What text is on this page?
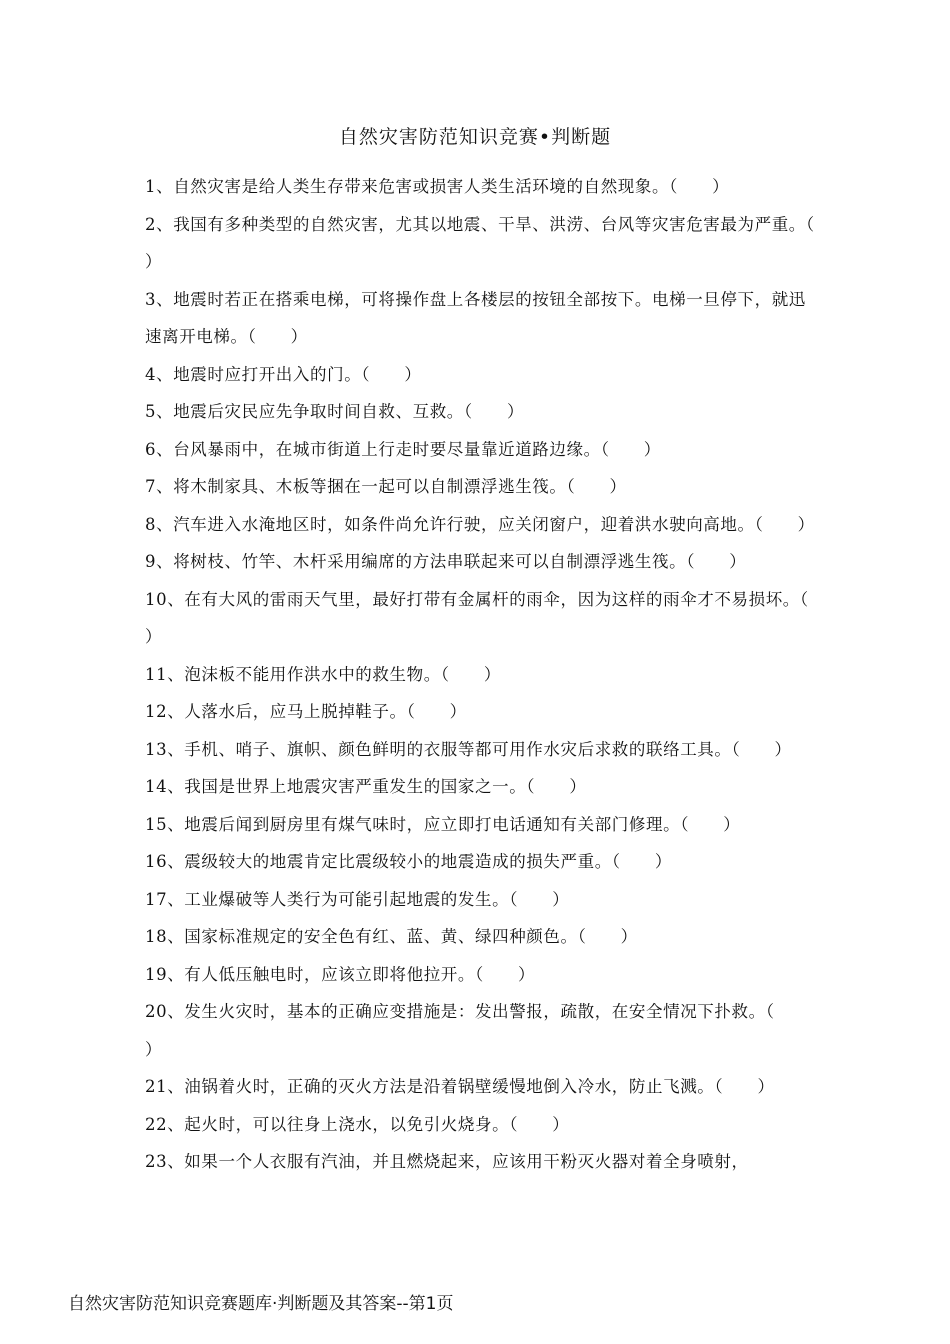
自然灾害防范知识竞赛•判断题
1、自然灾害是给人类生存带来危害或损害人类生活环境的自然现象。（　　）
2、我国有多种类型的自然灾害，尤其以地震、干旱、洪涝、台风等灾害危害最为严重。（　　）
3、地震时若正在搭乘电梯，可将操作盘上各楼层的按钮全部按下。电梯一旦停下，就迅速离开电梯。（　　）
4、地震时应打开出入的门。（　　）
5、地震后灾民应先争取时间自救、互救。（　　）
6、台风暴雨中，在城市街道上行走时要尽量靠近道路边缘。（　　）
7、将木制家具、木板等捆在一起可以自制漂浮逃生筏。（　　）
8、汽车进入水淹地区时，如条件尚允许行驶，应关闭窗户，迎着洪水驶向高地。（　　）
9、将树枝、竹竿、木杆采用编席的方法串联起来可以自制漂浮逃生筏。（　　）
10、在有大风的雷雨天气里，最好打带有金属杆的雨伞，因为这样的雨伞才不易损坏。（　　）
11、泡沫板不能用作洪水中的救生物。（　　）
12、人落水后，应马上脱掉鞋子。（　　）
13、手机、哨子、旗帜、颜色鲜明的衣服等都可用作水灾后求救的联络工具。（　　）
14、我国是世界上地震灾害严重发生的国家之一。（　　）
15、地震后闻到厨房里有煤气味时，应立即打电话通知有关部门修理。（　　）
16、震级较大的地震肯定比震级较小的地震造成的损失严重。（　　）
17、工业爆破等人类行为可能引起地震的发生。（　　）
18、国家标准规定的安全色有红、蓝、黄、绿四种颜色。（　　）
19、有人低压触电时，应该立即将他拉开。（　　）
20、发生火灾时，基本的正确应变措施是：发出警报，疏散，在安全情况下扑救。（　　）
21、油锅着火时，正确的灭火方法是沿着锅壁缓慢地倒入冷水，防止飞溅。（　　）
22、起火时，可以往身上浇水，以免引火烧身。（　　）
23、如果一个人衣服有汽油，并且燃烧起来，应该用干粉灭火器对着全身喷射，
自然灾害防范知识竞赛题库·判断题及其答案--第1页
